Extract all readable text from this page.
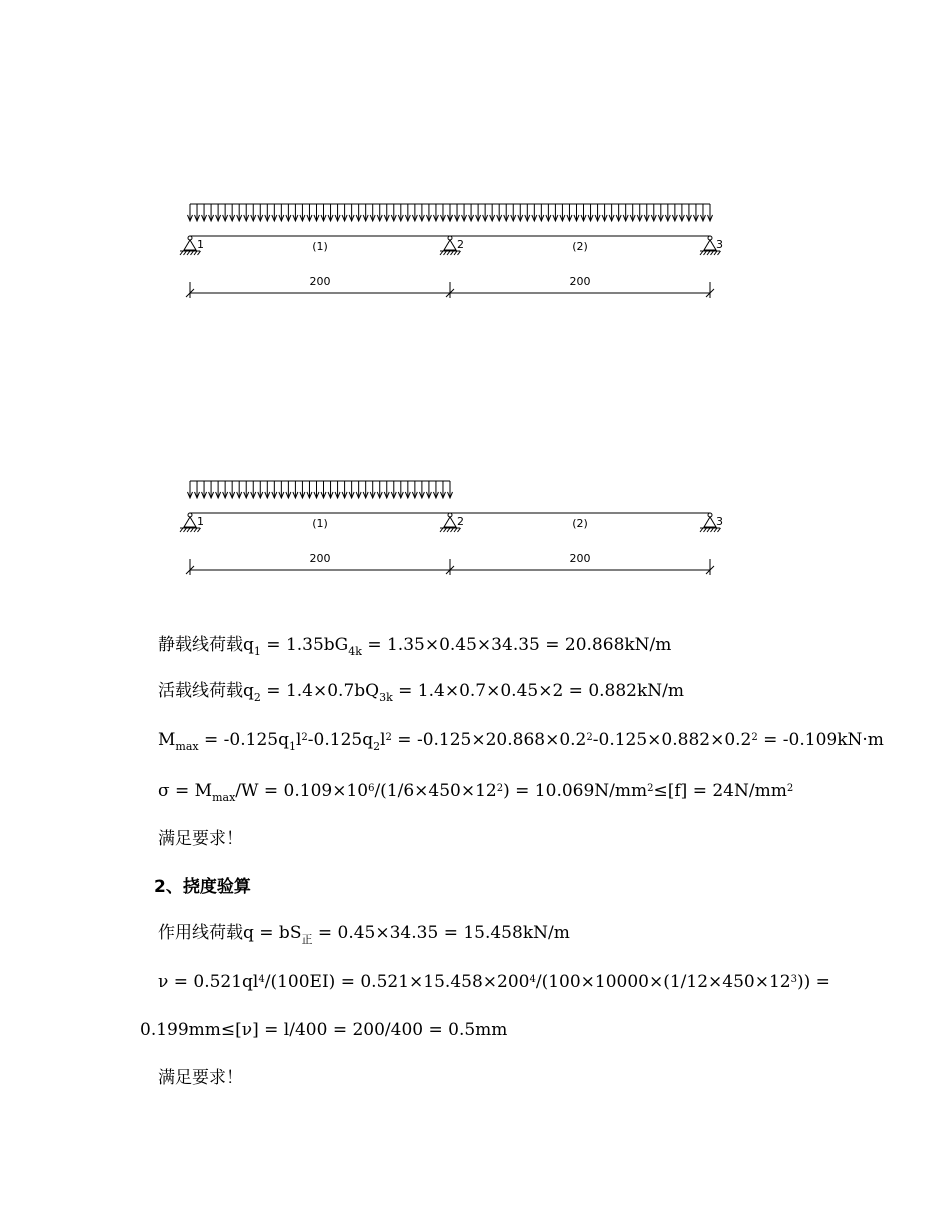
1	2	3
(1)	(2)
200	200
1	2	3
(1)	(2)
200	200
静载线荷载$q_1 = 1.35bG_{4k} = 1.35\times 0.45\times 34.35 = 20.868kN/m$
活载线荷载$q_2 = 1.4\times 0.7bQ_{3k} = 1.4\times 0.7\times 0.45\times 2 = 0.882kN/m$
$M_{max} = -0.125q_1l^2-0.125q_2l^2 = -0.125\times 20.868\times 0.2^2-0.125\times 0.882\times 0.2^2 = -0.109kN\cdot m$
$\sigma = M_{max}/W = 0.109\times 10^6/(1/6\times 450\times 12^2) = 10.069N/mm^2\le[f] = 24N/mm^2$
满足要求！
2、挠度验算
作用线荷载$q = bS_正 = 0.45\times 34.35 = 15.458kN/m$
$\nu = 0.521ql^4/(100EI) = 0.521\times 15.458\times 200^4/(100\times 10000\times(1/12\times 450\times 12^3))$ =
0.199mm≤[ν] = l/400 = 200/400 = 0.5mm
满足要求！
